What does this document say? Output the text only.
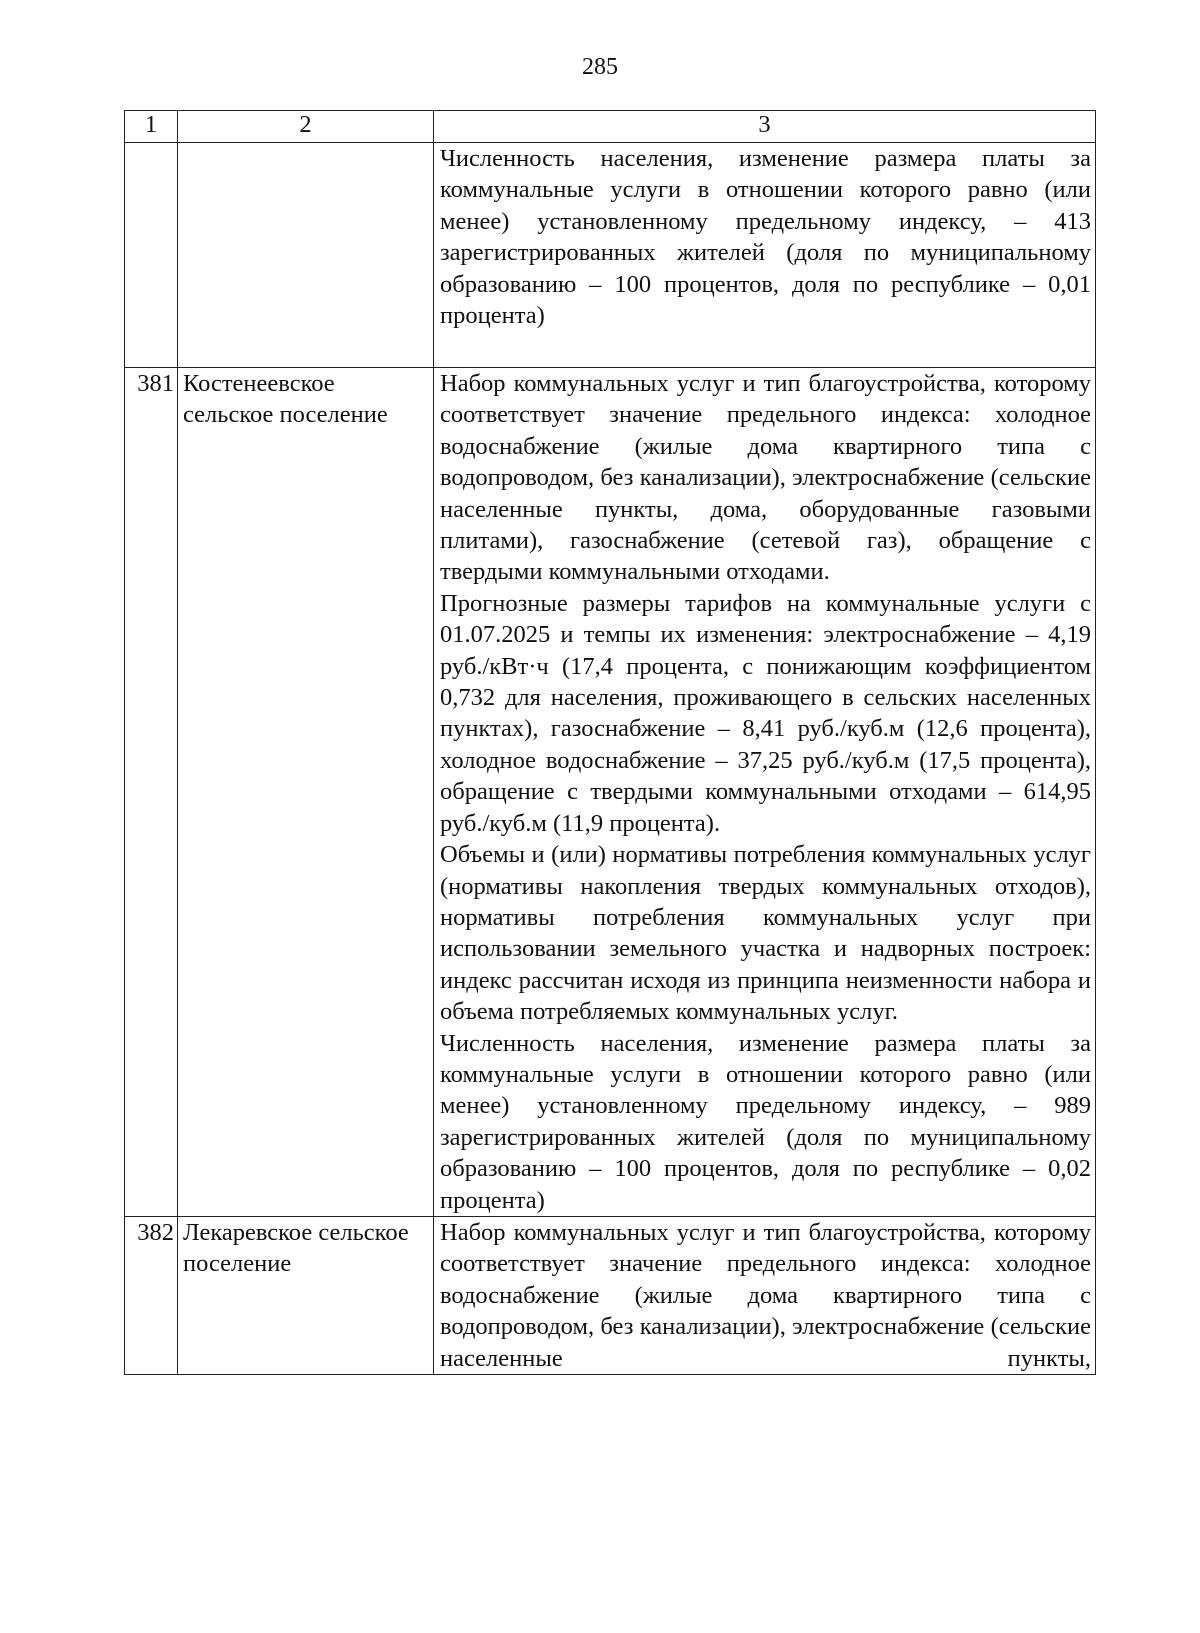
285
1	2	3

		Численность населения, изменение размера платы за коммунальные услуги в отношении которого равно (или менее) установленному предельному индексу, – 413 зарегистрированных жителей (доля по муниципальному образованию – 100 процентов, доля по республике – 0,01 процента)

381	Костенеевское сельское поселение	Набор коммунальных услуг и тип благоустройства, которому соответствует значение предельного индекса: холодное водоснабжение (жилые дома квартирного типа с водопроводом, без канализации), электроснабжение (сельские населенные пункты, дома, оборудованные газовыми плитами), газоснабжение (сетевой газ), обращение с твердыми коммунальными отходами.

Прогнозные размеры тарифов на коммунальные услуги с 01.07.2025 и темпы их изменения: электроснабжение – 4,19 руб./кВт·ч (17,4 процента, с понижающим коэффициентом 0,732 для населения, проживающего в сельских населенных пунктах), газоснабжение – 8,41 руб./куб.м (12,6 процента), холодное водоснабжение – 37,25 руб./куб.м (17,5 процента), обращение с твердыми коммунальными отходами – 614,95 руб./куб.м (11,9 процента).

Объемы и (или) нормативы потребления коммунальных услуг (нормативы накопления твердых коммунальных отходов), нормативы потребления коммунальных услуг при использовании земельного участка и надворных построек: индекс рассчитан исходя из принципа неизменности набора и объема потребляемых коммунальных услуг.

Численность населения, изменение размера платы за коммунальные услуги в отношении которого равно (или менее) установленному предельному индексу, – 989 зарегистрированных жителей (доля по муниципальному образованию – 100 процентов, доля по республике – 0,02 процента)

382	Лекаревское сельское поселение	Набор коммунальных услуг и тип благоустройства, которому соответствует значение предельного индекса: холодное водоснабжение (жилые дома квартирного типа с водопроводом, без канализации), электроснабжение (сельские населенные пункты,
